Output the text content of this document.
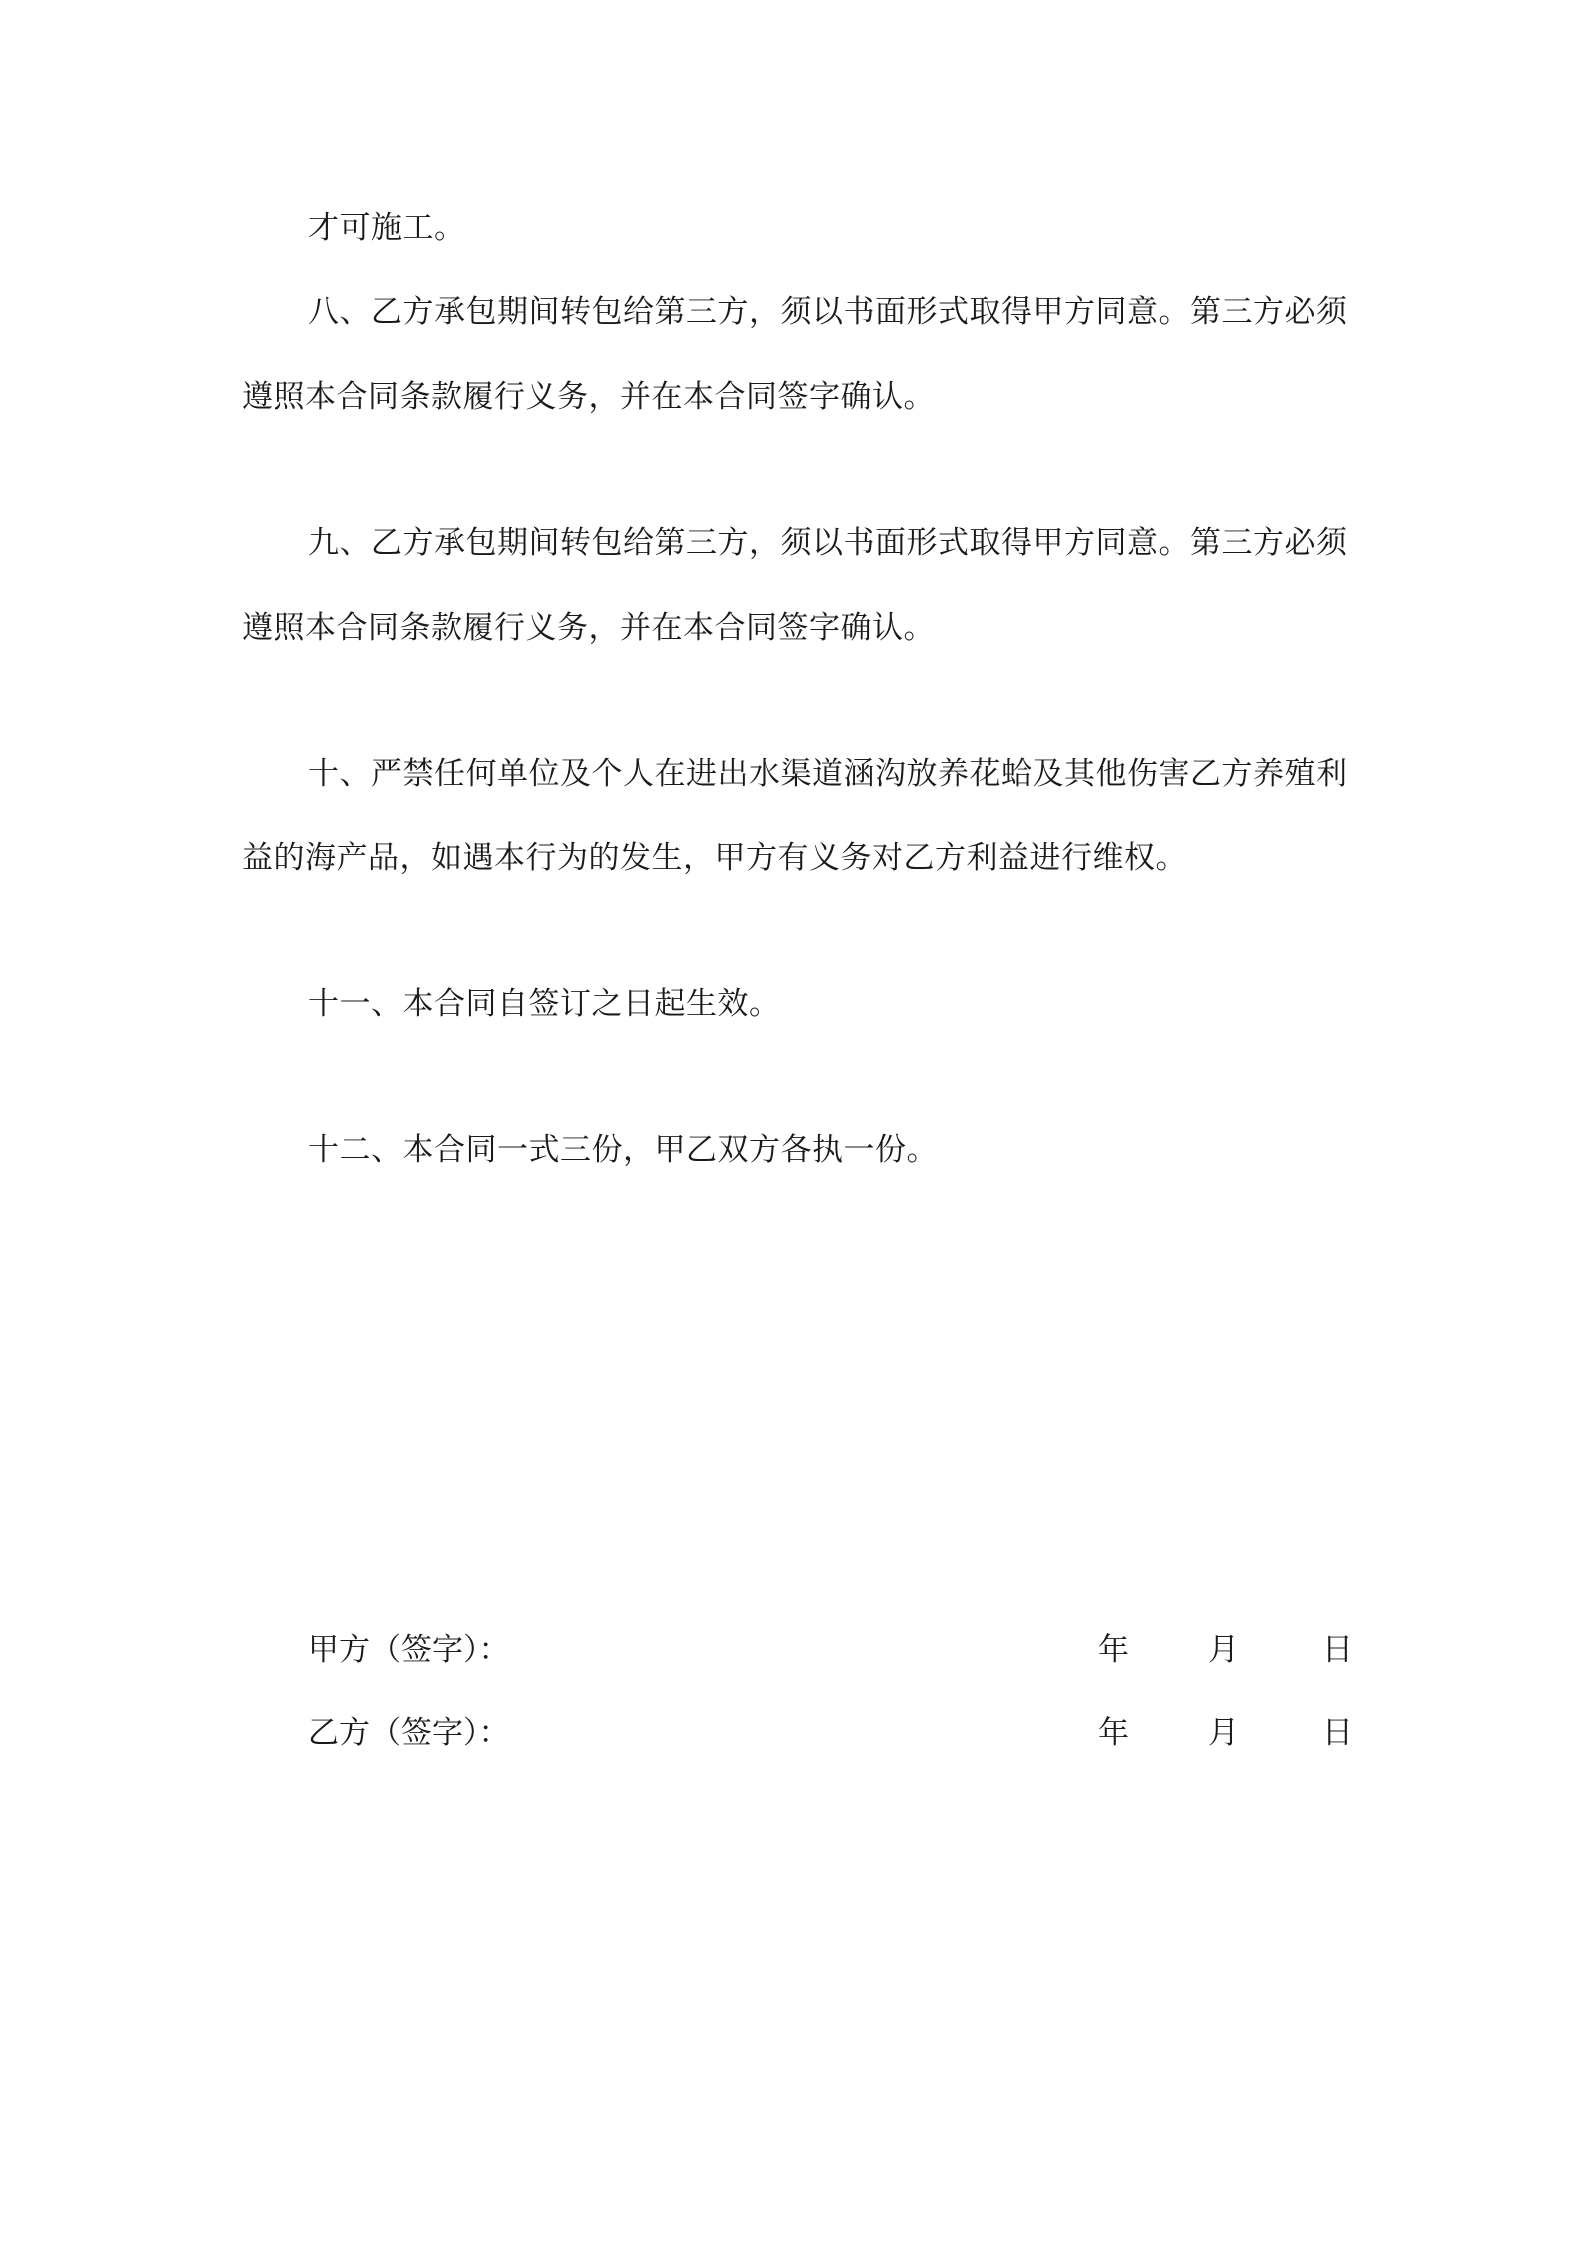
才可施工。
八、乙方承包期间转包给第三方，须以书面形式取得甲方同意。第三方必须
遵照本合同条款履行义务，并在本合同签字确认。
九、乙方承包期间转包给第三方，须以书面形式取得甲方同意。第三方必须
遵照本合同条款履行义务，并在本合同签字确认。
十、严禁任何单位及个人在进出水渠道涵沟放养花蛤及其他伤害乙方养殖利
益的海产品，如遇本行为的发生，甲方有义务对乙方利益进行维权。
十一、本合同自签订之日起生效。
十二、本合同一式三份，甲乙双方各执一份。
甲方（签字）：	年	月	日
乙方（签字）：	年	月	日
